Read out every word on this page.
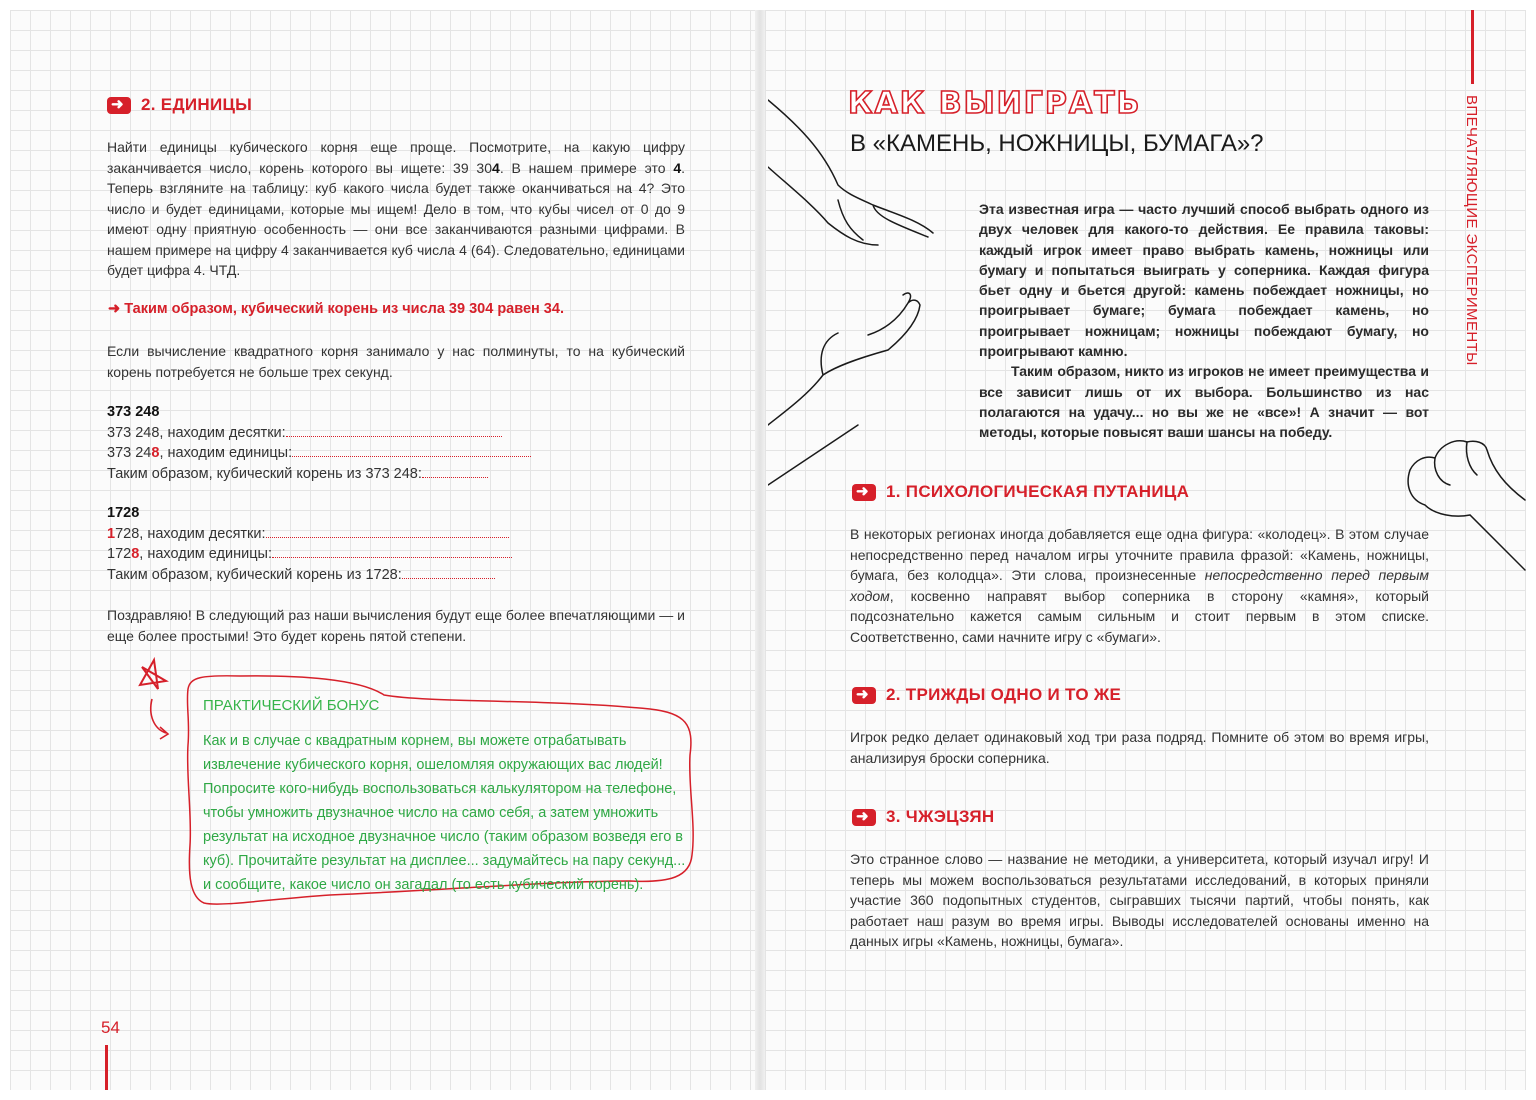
➜2. ЕДИНИЦЫ
Найти единицы кубического корня еще проще. Посмотрите, на какую цифру заканчивается число, корень которого вы ищете: 39 304. В нашем примере это 4. Теперь взгляните на таблицу: куб какого числа будет также оканчиваться на 4? Это число и будет единицами, которые мы ищем! Дело в том, что кубы чисел от 0 до 9 имеют одну приятную особенность — они все заканчиваются разными цифрами. В нашем примере на цифру 4 заканчивается куб числа 4 (64). Следовательно, единицами будет цифра 4. ЧТД.
➜ Таким образом, кубический корень из числа 39 304 равен 34.
Если вычисление квадратного корня занимало у нас полминуты, то на кубический корень потребуется не больше трех секунд.
373 248
373 248, находим десятки:
373 248, находим единицы:
Таким образом, кубический корень из 373 248:
1728
1728, находим десятки:
1728, находим единицы:
Таким образом, кубический корень из 1728:
Поздравляю! В следующий раз наши вычисления будут еще более впечатляющими — и еще более простыми! Это будет корень пятой степени.
ПРАКТИЧЕСКИЙ БОНУС
Как и в случае с квадратным корнем, вы можете отрабатывать извлечение кубического корня, ошеломляя окружающих вас людей! Попросите кого-нибудь воспользоваться калькулятором на телефоне, чтобы умножить двузначное число на само себя, а затем умножить результат на исходное двузначное число (таким образом возведя его в куб). Прочитайте результат на дисплее... задумайтесь на пару секунд... и сообщите, какое число он загадал (то есть кубический корень).
54
КАК ВЫИГРАТЬ
В «КАМЕНЬ, НОЖНИЦЫ, БУМАГА»?

Эта известная игра — часто лучший способ выбрать одного из двух человек для какого-то действия. Ее правила таковы: каждый игрок имеет право выбрать камень, ножницы или бумагу и попытаться выиграть у соперника. Каждая фигура бьет одну и бьется другой: камень побеждает ножницы, но проигрывает бумаге; бумага побеждает камень, но проигрывает ножницам; ножницы побеждают бумагу, но проигрывают камню.

Таким образом, никто из игроков не имеет преимущества и все зависит лишь от их выбора. Большинство из нас полагаются на удачу... но вы же не «все»! А значит — вот методы, которые повысят ваши шансы на победу.

ВПЕЧАТЛЯЮЩИЕ ЭКСПЕРИМЕНТЫ
➜1. ПСИХОЛОГИЧЕСКАЯ ПУТАНИЦА
В некоторых регионах иногда добавляется еще одна фигура: «колодец». В этом случае непосредственно перед началом игры уточните правила фразой: «Камень, ножницы, бумага, без колодца». Эти слова, произнесенные непосредственно перед первым ходом, косвенно направят выбор соперника в сторону «камня», который подсознательно кажется самым сильным и стоит первым в этом списке. Соответственно, сами начните игру с «бумаги».
➜2. ТРИЖДЫ ОДНО И ТО ЖЕ
Игрок редко делает одинаковый ход три раза подряд. Помните об этом во время игры, анализируя броски соперника.
➜3. ЧЖЭЦЗЯН
Это странное слово — название не методики, а университета, который изучал игру! И теперь мы можем воспользоваться результатами исследований, в которых приняли участие 360 подопытных студентов, сыгравших тысячи партий, чтобы понять, как работает наш разум во время игры. Выводы исследователей основаны именно на данных игры «Камень, ножницы, бумага».
